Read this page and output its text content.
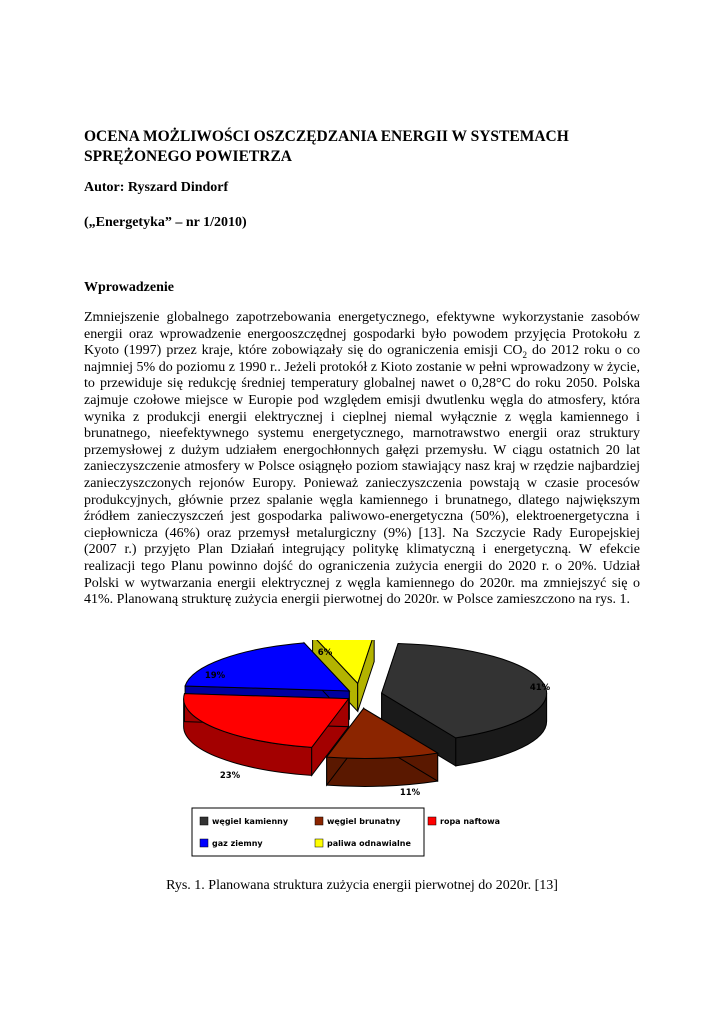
OCENA MOŻLIWOŚCI OSZCZĘDZANIA ENERGII W SYSTEMACH SPRĘŻONEGO POWIETRZA
Autor: Ryszard Dindorf
(„Energetyka” – nr 1/2010)
Wprowadzenie
Zmniejszenie globalnego zapotrzebowania energetycznego, efektywne wykorzystanie zasobów energii oraz wprowadzenie energooszczędnej gospodarki było powodem przyjęcia Protokołu z Kyoto (1997) przez kraje, które zobowiązały się do ograniczenia emisji $CO_2$ do 2012 roku o co najmniej 5% do poziomu z 1990 r.. Jeżeli protokół z Kioto zostanie w pełni wprowadzony w życie, to przewiduje się redukcję średniej temperatury globalnej nawet o 0,28°C do roku 2050. Polska zajmuje czołowe miejsce w Europie pod względem emisji dwutlenku węgla do atmosfery, która wynika z produkcji energii elektrycznej i cieplnej niemal wyłącznie z węgla kamiennego i brunatnego, nieefektywnego systemu energetycznego, marnotrawstwo energii oraz struktury przemysłowej z dużym udziałem energochłonnych gałęzi przemysłu. W ciągu ostatnich 20 lat zanieczyszczenie atmosfery w Polsce osiągnęło poziom stawiający nasz kraj w rzędzie najbardziej zanieczyszczonych rejonów Europy. Ponieważ zanieczyszczenia powstają w czasie procesów produkcyjnych, głównie przez spalanie węgla kamiennego i brunatnego, dlatego największym źródłem zanieczyszczeń jest gospodarka paliwowo-energetyczna (50%), elektroenergetyczna i ciepłownicza (46%) oraz przemysł metalurgiczny (9%) [13]. Na Szczycie Rady Europejskiej (2007 r.) przyjęto Plan Działań integrujący politykę klimatyczną i energetyczną. W efekcie realizacji tego Planu powinno dojść do ograniczenia zużycia energii do 2020 r. o 20%. Udział Polski w wytwarzania energii elektrycznej z węgla kamiennego do 2020r. ma zmniejszyć się o 41%. Planowaną strukturę zużycia energii pierwotnej do 2020r. w Polsce zamieszczono na rys. 1.
41%
11%
23%
19%
6%
węgiel kamienny	węgiel brunatny	ropa naftowa
gaz ziemny	paliwa odnawialne
Rys. 1. Planowana struktura zużycia energii pierwotnej do 2020r. [13]
